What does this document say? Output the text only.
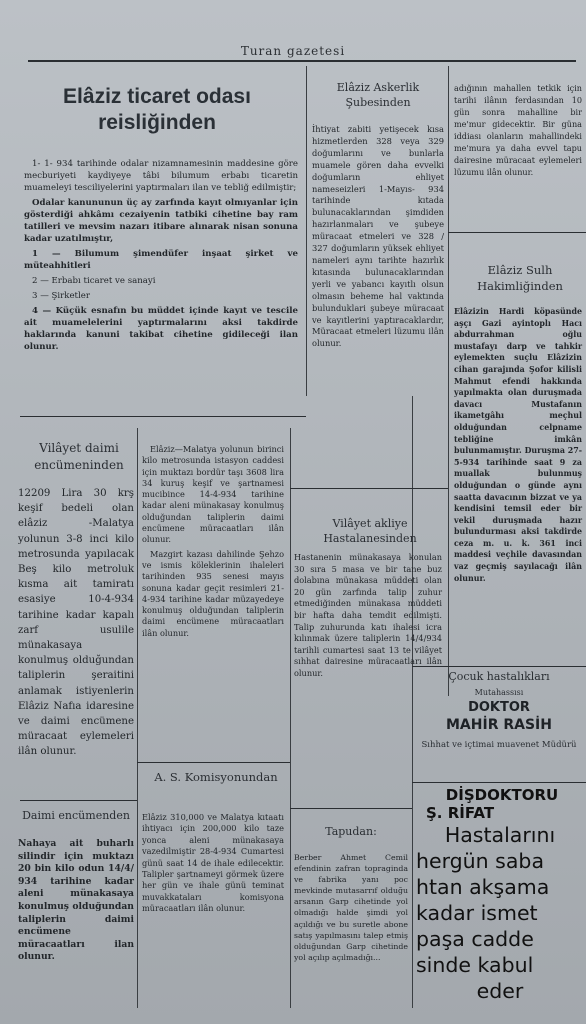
Turan gazetesi
Elâziz ticaret odası reisliğinden

1- 1- 934 tarihinde odalar nizamnamesinin maddesine göre mecburiyeti kaydiyeye tâbi bilumum erbabı ticaretin muameleyi tesciliyelerini yaptırmaları ilan ve tebliğ edilmiştir;

Odalar kanununun üç ay zarfında kayıt olmıyanlar için gösterdiği ahkâmı cezaiyenin tatbiki cihetine bay ram tatilleri ve mevsim nazarı itibare alınarak nisan sonuna kadar uzatılmıştır,

1 — Bilumum şimendüfer inşaat şirket ve müteahhitleri

2 — Erbabı ticaret ve sanayi

3 — Şirketler

4 — Küçük esnafın bu müddet içinde kayıt ve tescile ait muamelelerini yaptırmalarını aksi takdirde haklarında kanuni takibat cihetine gidileceği ilan olunur.

Vilâyet daimi encümeninden
12209 Lira 30 krş keşif bedeli olan elâziz -Malatya yolunun 3-8 inci kilo metrosunda yapılacak Beş kilo metroluk kısma ait tamiratı esasiye 10-4-934 tarihine kadar kapalı zarf usulile münakasaya konulmuş olduğundan taliplerin şeraitini anlamak istiyenlerin Elâziz Nafıa idaresine ve daimi encümene müracaat eylemeleri ilân olunur.
Daimi encümenden
Nahaya ait buharlı silindir için muktazı 20 bin kilo odun 14/4/ 934 tarihine kadar aleni münakasaya konulmuş olduğundan taliplerin daimi encümene müracaatları ilan olunur.

Elâziz—Malatya yolunun birinci kilo metrosunda istasyon caddesi için muktazı bordür taşı 3608 lira 34 kuruş keşif ve şartnamesi mucibince 14-4-934 tarihine kadar aleni münakasay konulmuş olduğundan taliplerin daimi encümene müracaatları ilân olunur.

Mazgirt kazası dahilinde Şehzo ve ismis köleklerinin ihaleleri tarihinden 935 senesi mayıs sonuna kadar geçit resimleri 21-4-934 tarihine kadar müzayedeye konulmuş olduğundan taliplerin daimi encümene müracaatları ilân olunur.

A. S. Komisyonundan
Elâziz 310,000 ve Malatya kıtaatı ihtiyacı için 200,000 kilo taze yonca aleni münakasaya vazedilmiştir 28-4-934 Cumartesi günü saat 14 de ihale edilecektir. Talipler şartnameyi görmek üzere her gün ve ihale günü teminat muvakkataları komisyona müracaatları ilân olunur.
Elâziz Askerlik Şubesinden
İhtiyat zabiti yetişecek kısa hizmetlerden 328 veya 329 doğumlarını ve bunlarla muamele gören daha evvelki doğumların ehliyet nameseizleri 1-Mayıs- 934 tarihinde kıtada bulunacaklarından şimdiden hazırlanmaları ve şubeye müracaat etmeleri ve 328 / 327 doğumların yüksek ehliyet nameleri aynı tarihte hazırlık kıtasında bulunacaklarından yerli ve yabancı kayıtlı olsun olmasın beheme hal vaktında bulunduklari şubeye müracaat ve kayıtlerini yaptıracaklardır, Müracaat etmeleri lüzumu ilân olunur.
Vilâyet akliye Hastalanesinden
Hastanenin münakasaya konulan 30 sıra 5 masa ve bir tane buz dolabına münakasa müddeti olan 20 gün zarfında talip zuhur etmediğinden münakasa müddeti bir hafta daha temdit edilmişti. Talip zuhurunda katı ihalesi icra kılınmak üzere taliplerin 14/4/934 tarihli cumartesi saat 13 te vilâyet sıhhat dairesine müracaatları ilân olunur.
Tapudan:
Berber Ahmet Cemil efendinin zafran topraginda ve fabrika yanı poc mevkinde mutasarrıf olduğu arsanın Garp cihetinde yol olmadığı halde şimdi yol açıldığı ve bu suretle abone satış yapılmasını talep etmiş olduğundan Garp cihetinde yol açılıp açılmadığı...
adığının mahallen tetkik için tarihi ilânın ferdasından 10 gün sonra mahalline bir me'mur gidecektir. Bir güna iddiası olanların mahallindeki me'mura ya daha evvel tapu dairesine müracaat eylemeleri lüzumu ilân olunur.
Elâziz Sulh Hakimliğinden
Elâzizin Hardi köpasünde aşçı Gazi ayintoplı Hacı abdurrahman oğlu mustafayı darp ve tahkir eylemekten suçlu Elâzizin cihan garajında Şofor kilisli Mahmut efendi hakkında yapılmakta olan duruşmada davacı Mustafanın ikametgâhı meçhul olduğundan celpname tebliğine imkân bulunmamıştır. Duruşma 27-5-934 tarihinde saat 9 za muallak bulunmuş olduğundan o günde aynı saatta davacının bizzat ve ya kendisini temsil eder bir vekil duruşmada hazır bulundurması aksi takdirde ceza m. u. k. 361 inci maddesi veçhile davasından vaz geçmiş sayılacağı ilân olunur.
Çocuk hastalıkları
Mutahassısı
DOKTOR
MAHİR RASİH
Sıhhat ve içtimai muavenet Müdürü
DİŞDOKTORU
Ş. RİFAT
Hastalarını
hergün saba
htan akşama
kadar ismet
paşa cadde
sinde kabul
eder
